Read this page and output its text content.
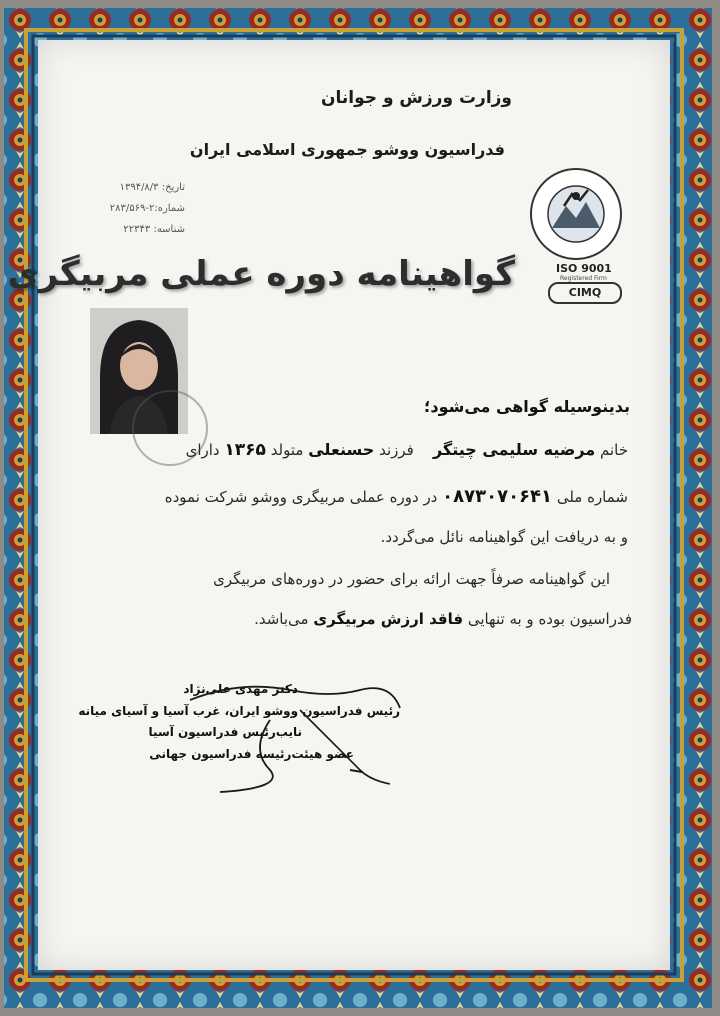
وزارت ورزش و جوانان
فدراسیون ووشو جمهوری اسلامی ایران
تاریخ: ۱۳۹۴/۸/۳
شماره:۲-۲۸۳/۵۶۹
شناسه: ۲۲۳۴۳
ISO 9001
Registered Firm
CIMQ
گواهینامه دوره عملی مربیگری
بدینوسیله گواهی می‌شود؛
خانم مرضیه سلیمی چیتگر    فرزند حسنعلی متولد ۱۳۶۵ دارای
شماره ملی ۰۸۷۳۰۷۰۶۴۱ در دوره عملی مربیگری ووشو شرکت نموده
و به دریافت این گواهینامه نائل می‌گردد.
این گواهینامه صرفاً جهت ارائه برای حضور در دوره‌های مربیگری
فدراسیون بوده و به تنهایی فاقد ارزش مربیگری می‌باشد.
دکتر مهدی علی‌نژاد
رئیس فدراسیون ووشو ایران، غرب آسیا و آسیای میانه
نایب‌رئیس فدراسیون آسیا
عضو هیئت‌رئیسه فدراسیون جهانی
